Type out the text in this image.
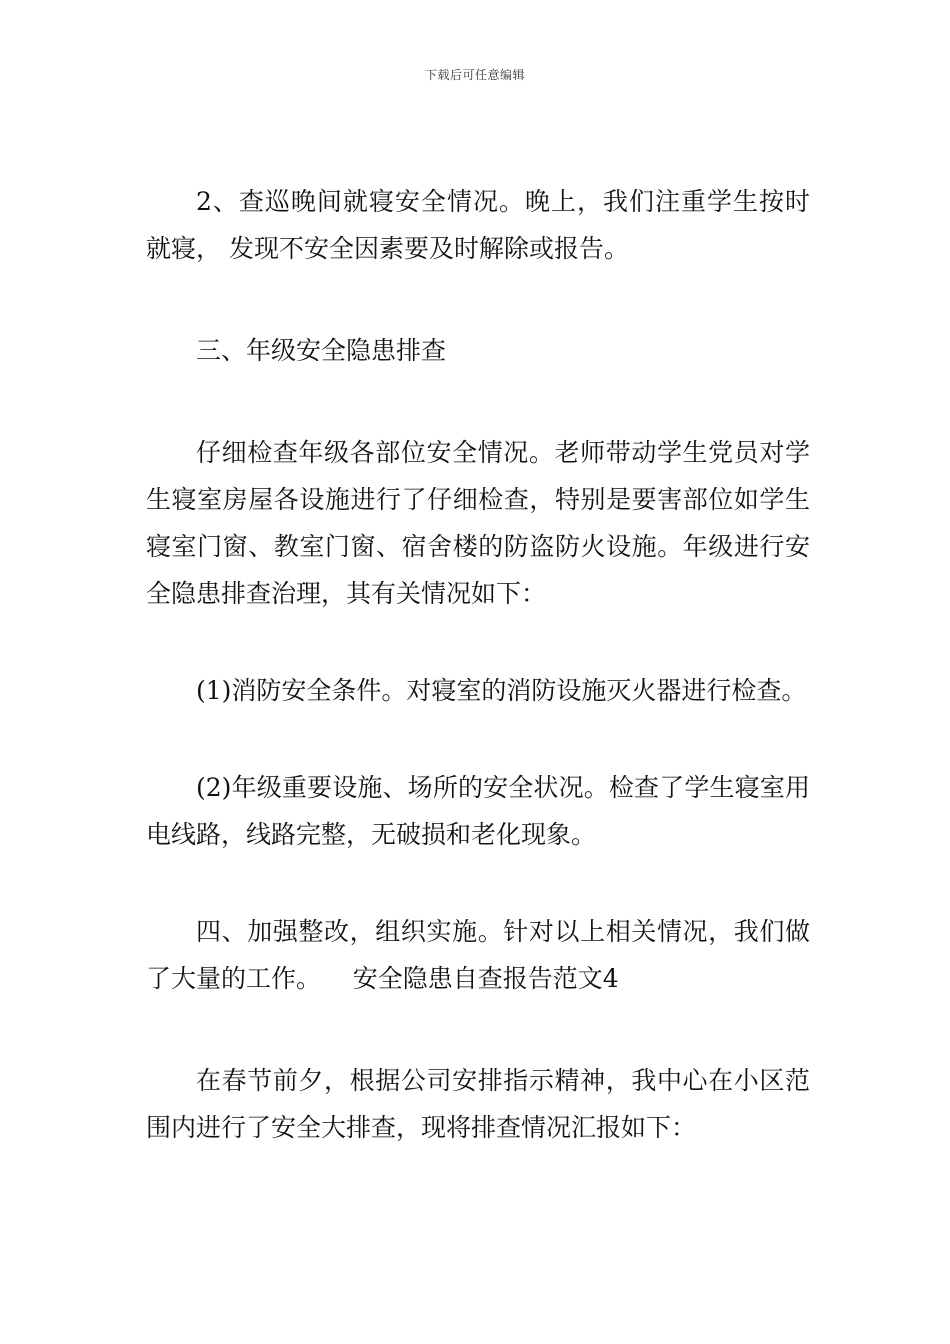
下载后可任意编辑

2、查巡晚间就寝安全情况。晚上，我们注重学生按时就寝， 发现不安全因素要及时解除或报告。

三、年级安全隐患排查

仔细检查年级各部位安全情况。老师带动学生党员对学生寝室房屋各设施进行了仔细检查，特别是要害部位如学生寝室门窗、教室门窗、宿舍楼的防盗防火设施。年级进行安全隐患排查治理，其有关情况如下：

(1)消防安全条件。对寝室的消防设施灭火器进行检查。

(2)年级重要设施、场所的安全状况。检查了学生寝室用电线路，线路完整，无破损和老化现象。

四、加强整改，组织实施。针对以上相关情况，我们做了大量的工作。    安全隐患自查报告范文4

在春节前夕，根据公司安排指示精神，我中心在小区范围内进行了安全大排查，现将排查情况汇报如下：
